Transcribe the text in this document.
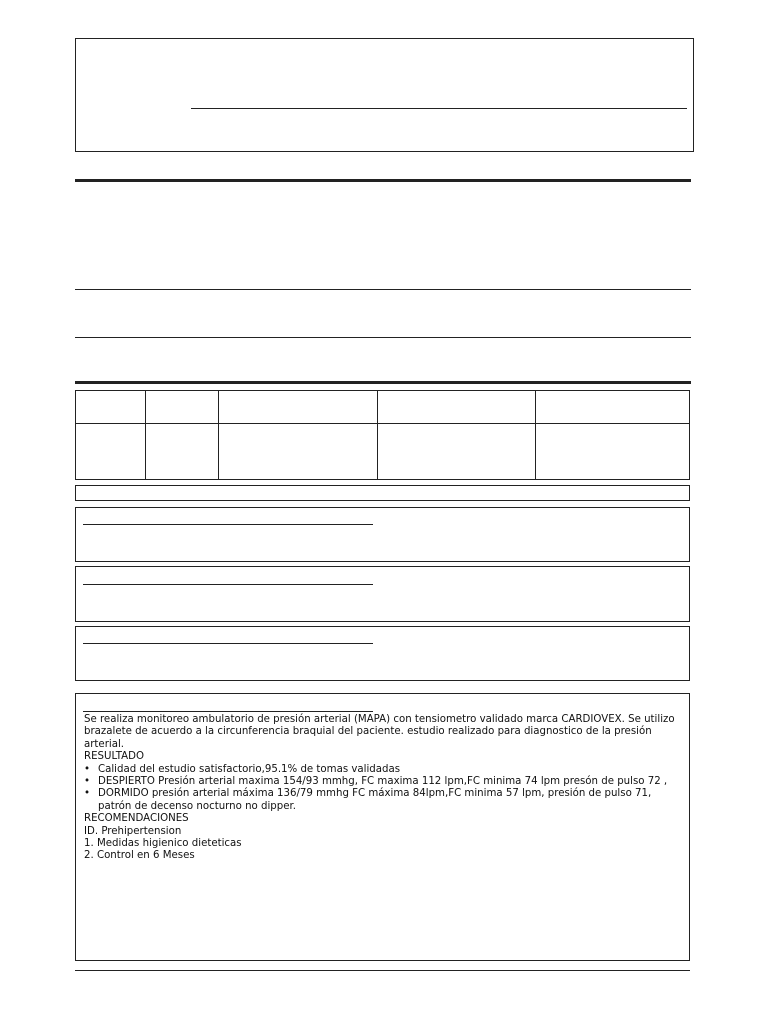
Se realiza monitoreo ambulatorio de presión arterial (MAPA) con tensiometro validado marca CARDIOVEX. Se utilizo brazalete de acuerdo a la circunferencia braquial del paciente. estudio realizado para diagnostico de la presión arterial.
RESULTADO
• Calidad del estudio satisfactorio,95.1% de tomas validadas
• DESPIERTO Presión arterial maxima 154/93 mmhg, FC maxima 112 lpm,FC minima 74 lpm presón de pulso 72 ,
• DORMIDO presión arterial máxima 136/79 mmhg FC máxima 84lpm,FC minima 57 lpm, presión de pulso 71, patrón de decenso nocturno no dipper.
RECOMENDACIONES
ID. Prehipertension
1. Medidas higienico dieteticas
2. Control en 6 Meses
